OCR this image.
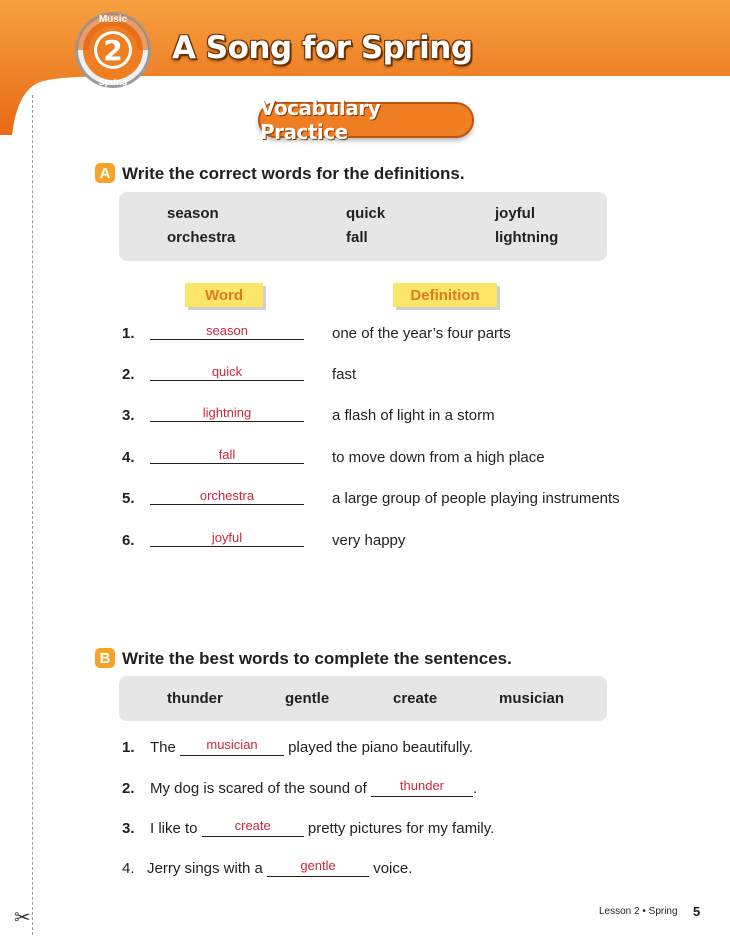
✂
Music
2
Spring
A Song for Spring
Vocabulary Practice
A Write the correct words for the definitions.
season	quick	joyful
orchestra	fall	lightning
Word	Definition
1.	season	one of the year’s four parts
2.	quick	fast
3.	lightning	a flash of light in a storm
4.	fall	to move down from a high place
5.	orchestra	a large group of people playing instruments
6.	joyful	very happy
B Write the best words to complete the sentences.
thunder	gentle	create	musician
1. The musician played the piano beautifully.
2. My dog is scared of the sound of thunder .
3. I like to	create pretty pictures for my family.
4. Jerry sings with a	gentle voice.
Lesson 2 • Spring 5
